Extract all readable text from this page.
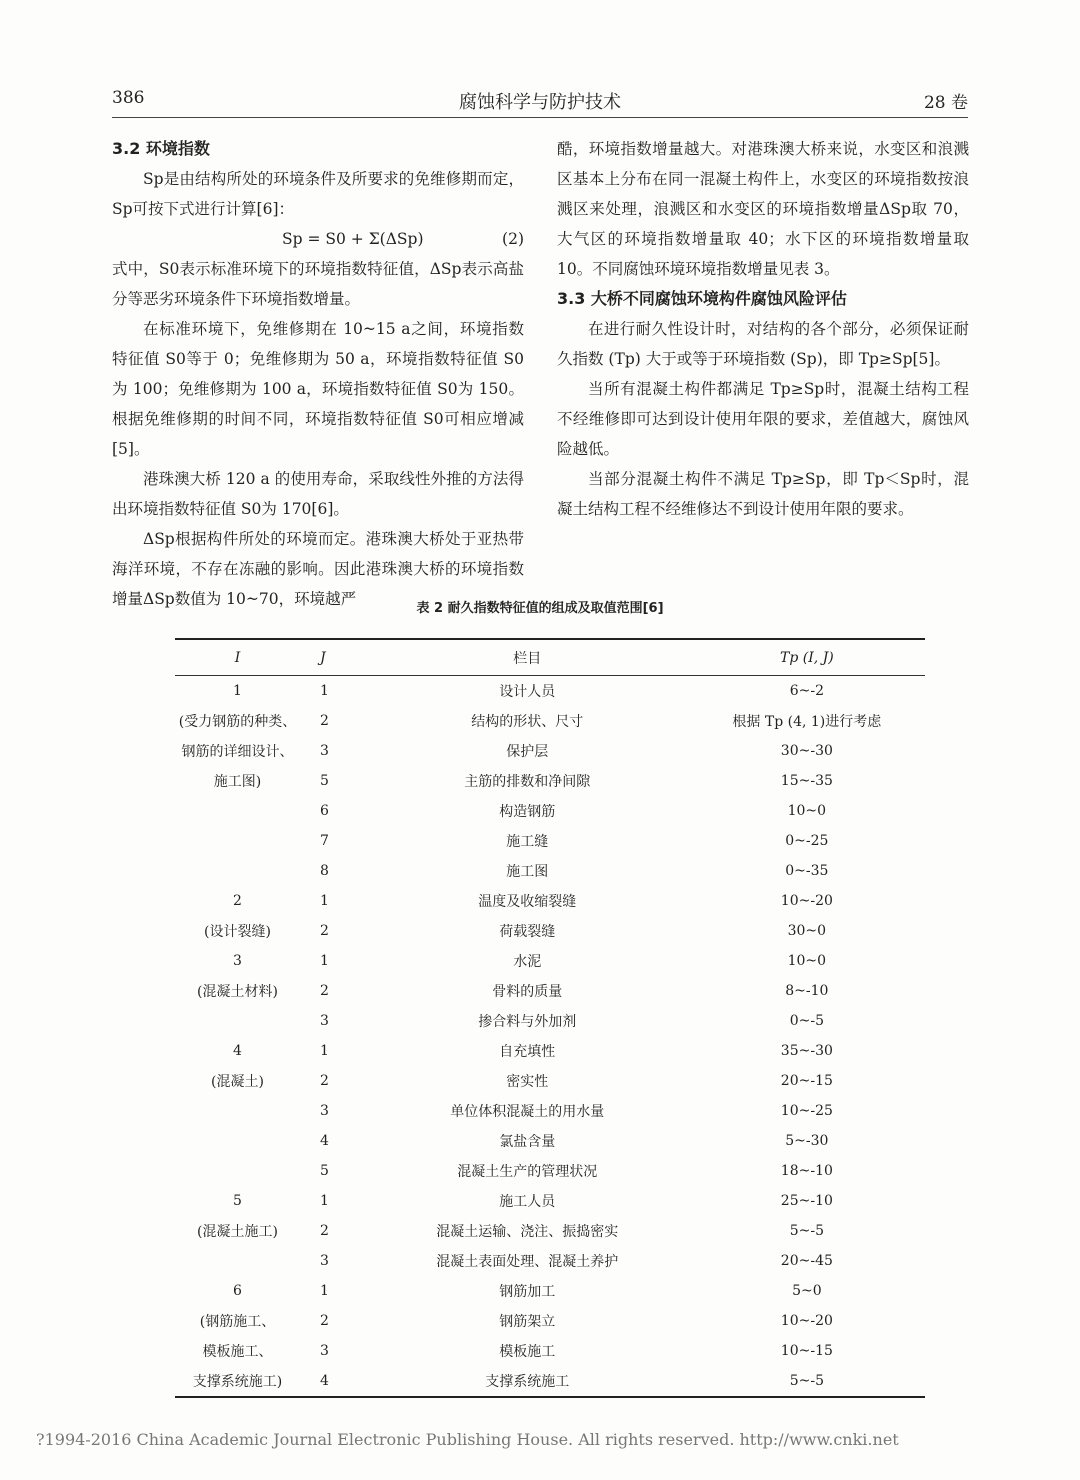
386	腐蚀科学与防护技术	28 卷
3.2 环境指数

Sp是由结构所处的环境条件及所要求的免维修期而定，Sp可按下式进行计算[6]：

Sp = S0 + Σ(ΔSp)	(2)

式中，S0表示标准环境下的环境指数特征值，ΔSp表示高盐分等恶劣环境条件下环境指数增量。

在标准环境下，免维修期在 10~15 a之间，环境指数特征值 S0等于 0；免维修期为 50 a，环境指数特征值 S0为 100；免维修期为 100 a，环境指数特征值 S0为 150。根据免维修期的时间不同，环境指数特征值 S0可相应增减[5]。

港珠澳大桥 120 a 的使用寿命，采取线性外推的方法得出环境指数特征值 S0为 170[6]。

ΔSp根据构件所处的环境而定。港珠澳大桥处于亚热带海洋环境，不存在冻融的影响。因此港珠澳大桥的环境指数增量ΔSp数值为 10~70，环境越严

酷，环境指数增量越大。对港珠澳大桥来说，水变区和浪溅区基本上分布在同一混凝土构件上，水变区的环境指数按浪溅区来处理，浪溅区和水变区的环境指数增量ΔSp取 70，大气区的环境指数增量取 40；水下区的环境指数增量取 10。不同腐蚀环境环境指数增量见表 3。

3.3 大桥不同腐蚀环境构件腐蚀风险评估

在进行耐久性设计时，对结构的各个部分，必须保证耐久指数 (Tp) 大于或等于环境指数 (Sp)，即 Tp≥Sp[5]。

当所有混凝土构件都满足 Tp≥Sp时，混凝土结构工程不经维修即可达到设计使用年限的要求，差值越大，腐蚀风险越低。

当部分混凝土构件不满足 Tp≥Sp，即 Tp＜Sp时，混凝土结构工程不经维修达不到设计使用年限的要求。

表 2 耐久指数特征值的组成及取值范围[6]
I	J	栏目	Tp (I, J)
1	1	设计人员	6~-2
(受力钢筋的种类、	2	结构的形状、尺寸	根据 Tp (4, 1)进行考虑
钢筋的详细设计、	3	保护层	30~-30
施工图)	5	主筋的排数和净间隙	15~-35
	6	构造钢筋	10~0
	7	施工缝	0~-25
	8	施工图	0~-35
2	1	温度及收缩裂缝	10~-20
(设计裂缝)	2	荷载裂缝	30~0
3	1	水泥	10~0
(混凝土材料)	2	骨料的质量	8~-10
	3	掺合料与外加剂	0~-5
4	1	自充填性	35~-30
(混凝土)	2	密实性	20~-15
	3	单位体积混凝土的用水量	10~-25
	4	氯盐含量	5~-30
	5	混凝土生产的管理状况	18~-10
5	1	施工人员	25~-10
(混凝土施工)	2	混凝土运输、浇注、振捣密实	5~-5
	3	混凝土表面处理、混凝土养护	20~-45
6	1	钢筋加工	5~0
(钢筋施工、	2	钢筋架立	10~-20
模板施工、	3	模板施工	10~-15
支撑系统施工)	4	支撑系统施工	5~-5
?1994-2016 China Academic Journal Electronic Publishing House. All rights reserved. http://www.cnki.net
